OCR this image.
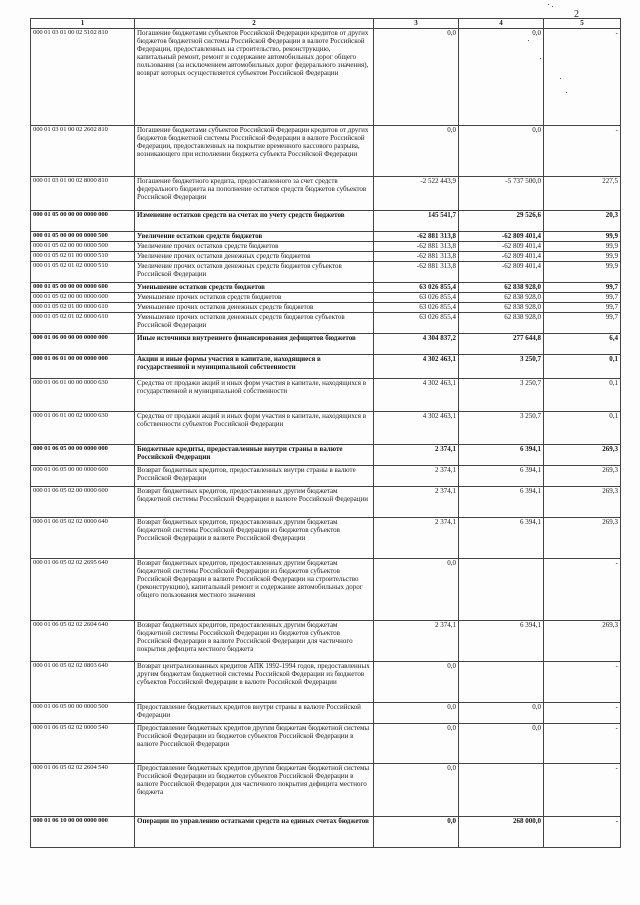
2
1	2	3	4	5
000 01 03 01 00 02 5102 810	Погашение бюджетами субъектов Российской Федерации кредитов от других бюджетов бюджетной системы Российской Федерации в валюте Российской Федерации, предоставленных на строительство, реконструкцию, капитальный ремонт, ремонт и содержание автомобильных дорог общего пользования (за исключением автомобильных дорог федерального значения), возврат которых осуществляется субъектом Российской Федерации	0,0	0,0	-
000 01 03 01 00 02 2602 810	Погашение бюджетами субъектов Российской Федерации кредитов от других бюджетов бюджетной системы Российской Федерации в валюте Российской Федерации, предоставленных на покрытие временного кассового разрыва, возникающего при исполнении бюджета субъекта Российской Федерации	0,0	0,0	-
000 01 03 01 00 02 8000 810	Погашение бюджетного кредита, предоставленного за счет средств федерального бюджета на пополнение остатков средств бюджетов субъектов Российской Федерации	-2 522 443,9	-5 737 500,0	227,5
000 01 05 00 00 00 0000 000	Изменение остатков средств на счетах по учету средств бюджетов	145 541,7	29 526,6	20,3
000 01 05 00 00 00 0000 500	Увеличение остатков средств бюджетов	-62 881 313,8	-62 809 401,4	99,9
000 01 05 02 00 00 0000 500	Увеличение прочих остатков средств бюджетов	-62 881 313,8	-62 809 401,4	99,9
000 01 05 02 01 00 0000 510	Увеличение прочих остатков денежных средств бюджетов	-62 881 313,8	-62 809 401,4	99,9
000 01 05 02 01 02 0000 510	Увеличение прочих остатков денежных средств бюджетов субъектов Российской Федерации	-62 881 313,8	-62 809 401,4	99,9
000 01 05 00 00 00 0000 600	Уменьшение остатков средств бюджетов	63 026 855,4	62 838 928,0	99,7
000 01 05 02 00 00 0000 600	Уменьшение прочих остатков средств бюджетов	63 026 855,4	62 838 928,0	99,7
000 01 05 02 01 00 0000 610	Уменьшение прочих остатков денежных средств бюджетов	63 026 855,4	62 838 928,0	99,7
000 01 05 02 01 02 0000 610	Уменьшение прочих остатков денежных средств бюджетов субъектов Российской Федерации	63 026 855,4	62 838 928,0	99,7
000 01 06 00 00 00 0000 000	Иные источники внутреннего финансирования дефицитов бюджетов	4 304 837,2	277 644,8	6,4
000 01 06 01 00 00 0000 000	Акции и иные формы участия в капитале, находящиеся в государственной и муниципальной собственности	4 302 463,1	3 250,7	0,1
000 01 06 01 00 00 0000 630	Средства от продажи акций и иных форм участия в капитале, находящихся в государственной и муниципальной собственности	4 302 463,1	3 250,7	0,1
000 01 06 01 00 02 0000 630	Средства от продажи акций и иных форм участия в капитале, находящихся в собственности субъектов Российской Федерации	4 302 463,1	3 250,7	0,1
000 01 06 05 00 00 0000 000	Бюджетные кредиты, предоставленные внутри страны в валюте Российской Федерации	2 374,1	6 394,1	269,3
000 01 06 05 00 00 0000 600	Возврат бюджетных кредитов, предоставленных внутри страны в валюте Российской Федерации	2 374,1	6 394,1	269,3
000 01 06 05 02 00 0000 600	Возврат бюджетных кредитов, предоставленных другим бюджетам бюджетной системы Российской Федерации в валюте Российской Федерации	2 374,1	6 394,1	269,3
000 01 06 05 02 02 0000 640	Возврат бюджетных кредитов, предоставленных другим бюджетам бюджетной системы Российской Федерации из бюджетов субъектов Российской Федерации в валюте Российской Федерации	2 374,1	6 394,1	269,3
000 01 06 05 02 02 2695 640	Возврат бюджетных кредитов, предоставленных другим бюджетам бюджетной системы Российской Федерации из бюджетов субъектов Российской Федерации в валюте Российской Федерации на строительство (реконструкцию), капитальный ремонт и содержание автомобильных дорог общего пользования местного значения	0,0		-
000 01 06 05 02 02 2604 640	Возврат бюджетных кредитов, предоставленных другим бюджетам бюджетной системы Российской Федерации из бюджетов субъектов Российской Федерации в валюте Российской Федерации для частичного покрытия дефицита местного бюджета	2 374,1	6 394,1	269,3
000 01 06 05 02 02 0803 640	Возврат централизованных кредитов АПК 1992-1994 годов, предоставленных другим бюджетам бюджетной системы Российской Федерации из бюджетов субъектов Российской Федерации в валюте Российской Федерации	0,0		-
000 01 06 05 00 00 0000 500	Предоставление бюджетных кредитов внутри страны в валюте Российской Федерации	0,0	0,0	-
000 01 06 05 02 02 0000 540	Предоставление бюджетных кредитов другим бюджетам бюджетной системы Российской Федерации из бюджетов субъектов Российской Федерации в валюте Российской Федерации	0,0	0,0	-
000 01 06 05 02 02 2604 540	Предоставление бюджетных кредитов другим бюджетам бюджетной системы Российской Федерации из бюджетов субъектов Российской Федерации в валюте Российской Федерации для частичного покрытия дефицита местного бюджета	0,0		-
000 01 06 10 00 00 0000 000	Операции по управлению остатками средств на единых счетах бюджетов	0,0	268 000,0	-
